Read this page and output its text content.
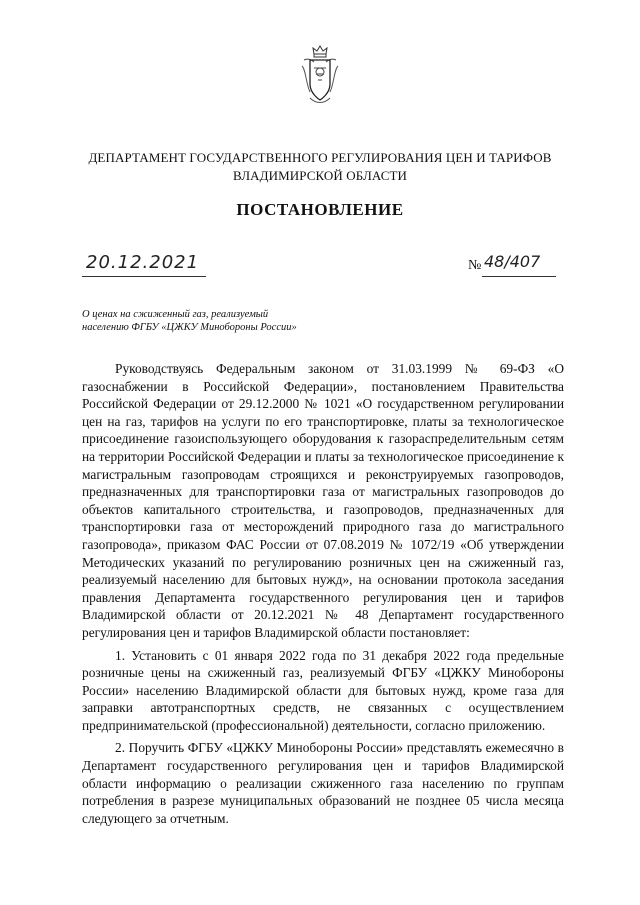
ДЕПАРТАМЕНТ ГОСУДАРСТВЕННОГО РЕГУЛИРОВАНИЯ ЦЕН И ТАРИФОВ
ВЛАДИМИРСКОЙ ОБЛАСТИ
ПОСТАНОВЛЕНИЕ
20.12.2021	№ 48/407
О ценах на сжиженный газ, реализуемый
населению ФГБУ «ЦЖКУ Минобороны России»

Руководствуясь Федеральным законом от 31.03.1999 № 69-ФЗ «О газоснабжении в Российской Федерации», постановлением Правительства Российской Федерации от 29.12.2000 № 1021 «О государственном регулировании цен на газ, тарифов на услуги по его транспортировке, платы за технологическое присоединение газоиспользующего оборудования к газораспределительным сетям на территории Российской Федерации и платы за технологическое присоединение к магистральным газопроводам строящихся и реконструируемых газопроводов, предназначенных для транспортировки газа от магистральных газопроводов до объектов капитального строительства, и газопроводов, предназначенных для транспортировки газа от месторождений природного газа до магистрального газопровода», приказом ФАС России от 07.08.2019 № 1072/19 «Об утверждении Методических указаний по регулированию розничных цен на сжиженный газ, реализуемый населению для бытовых нужд», на основании протокола заседания правления Департамента государственного регулирования цен и тарифов Владимирской области от 20.12.2021 № 48 Департамент государственного регулирования цен и тарифов Владимирской области постановляет:

1. Установить с 01 января 2022 года по 31 декабря 2022 года предельные розничные цены на сжиженный газ, реализуемый ФГБУ «ЦЖКУ Минобороны России» населению Владимирской области для бытовых нужд, кроме газа для заправки автотранспортных средств, не связанных с осуществлением предпринимательской (профессиональной) деятельности, согласно приложению.

2. Поручить ФГБУ «ЦЖКУ Минобороны России» представлять ежемесячно в Департамент государственного регулирования цен и тарифов Владимирской области информацию о реализации сжиженного газа населению по группам потребления в разрезе муниципальных образований не позднее 05 числа месяца следующего за отчетным.
